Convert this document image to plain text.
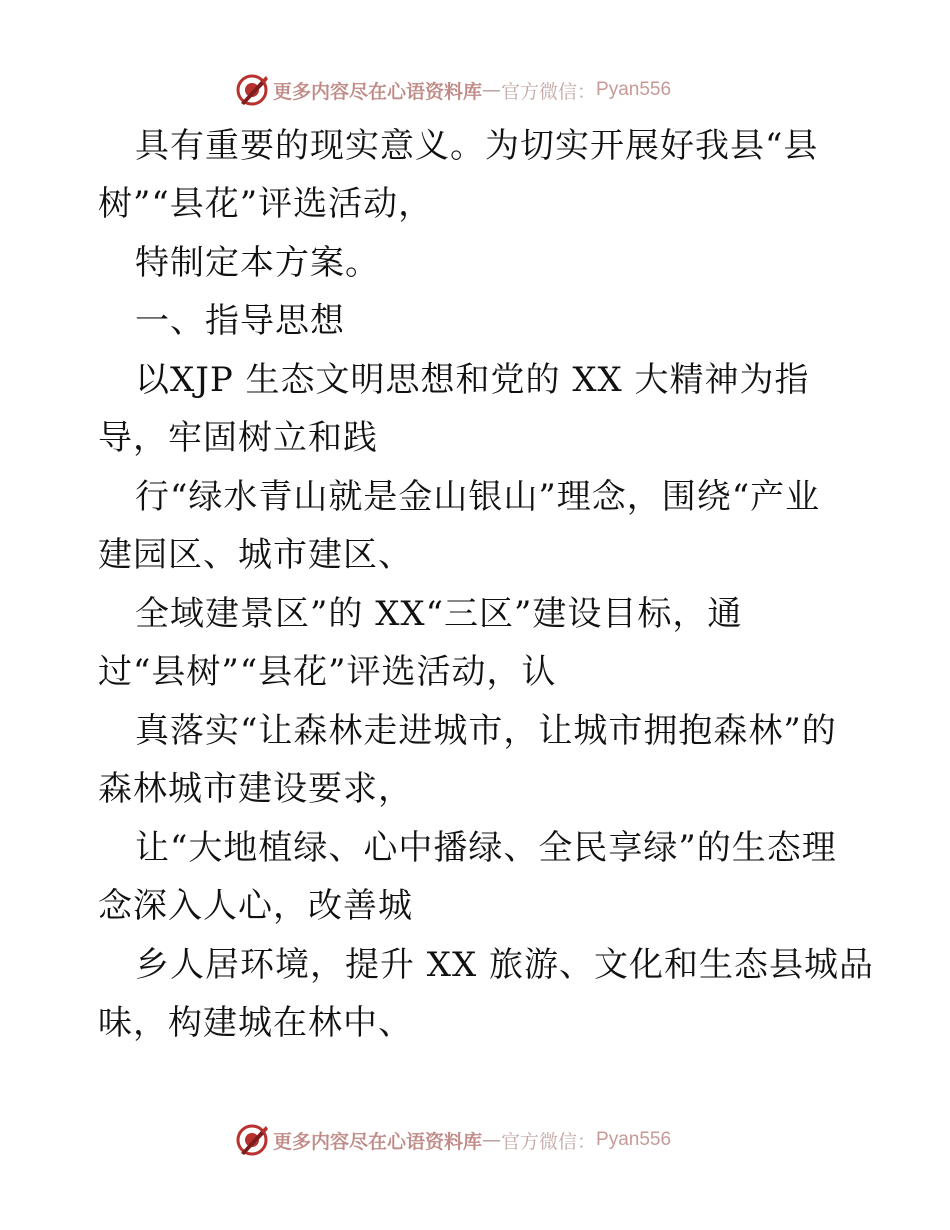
更多内容尽在心语资料库 — 官方微信： Pyan556
具有重要的现实意义。为切实开展好我县“县
树”“县花”评选活动，
特制定本方案。
一、指导思想
以XJP 生态文明思想和党的 XX 大精神为指
导，牢固树立和践
行“绿水青山就是金山银山”理念，围绕“产业
建园区、城市建区、
全域建景区”的 XX“三区”建设目标，通
过“县树”“县花”评选活动，认
真落实“让森林走进城市，让城市拥抱森林”的
森林城市建设要求，
让“大地植绿、心中播绿、全民享绿”的生态理
念深入人心，改善城
乡人居环境，提升 XX 旅游、文化和生态县城品
味，构建城在林中、
更多内容尽在心语资料库 — 官方微信： Pyan556
